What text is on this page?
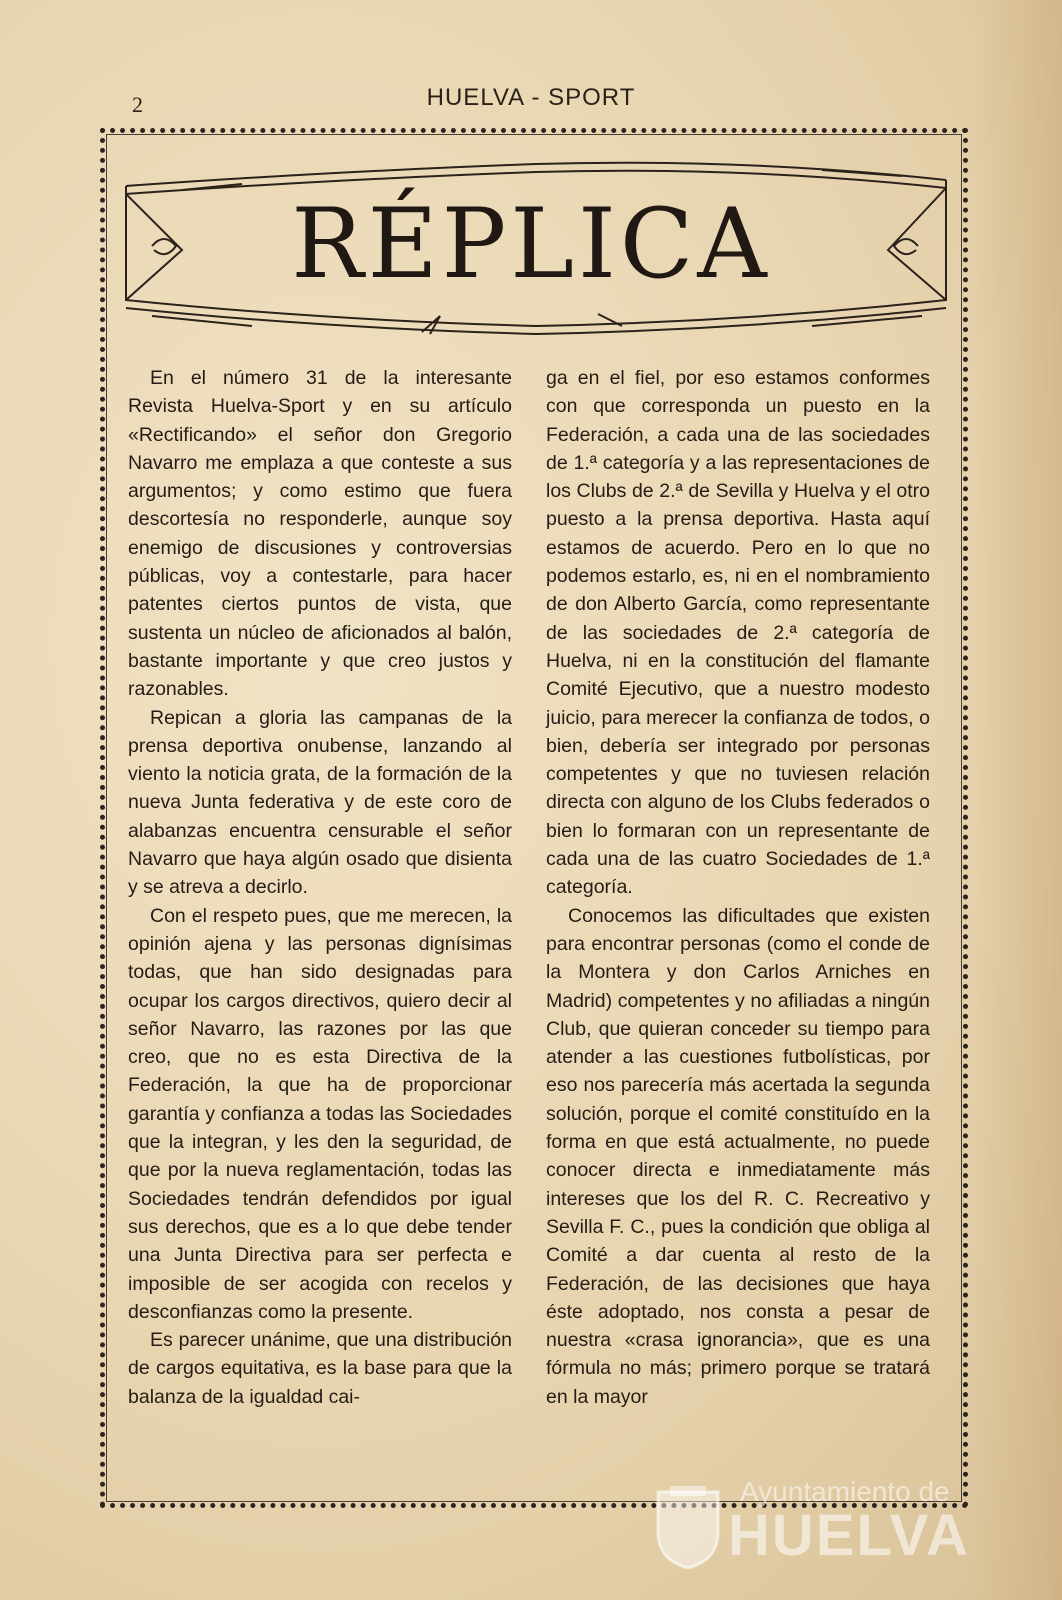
2	HUELVA - SPORT
RÉPLICA

En el número 31 de la interesante Revista Huelva-Sport y en su artículo «Rectificando» el señor don Gregorio Navarro me emplaza a que conteste a sus argumentos; y como estimo que fuera descortesía no responderle, aunque soy enemigo de discusiones y controversias públicas, voy a contestarle, para hacer patentes ciertos puntos de vista, que sustenta un núcleo de aficionados al balón, bastante importante y que creo justos y razonables.

Repican a gloria las campanas de la prensa deportiva onubense, lanzando al viento la noticia grata, de la formación de la nueva Junta federativa y de este coro de alabanzas encuentra censurable el señor Navarro que haya algún osado que disienta y se atreva a decirlo.

Con el respeto pues, que me merecen, la opinión ajena y las personas dignísimas todas, que han sido designadas para ocupar los cargos directivos, quiero decir al señor Navarro, las razones por las que creo, que no es esta Directiva de la Federación, la que ha de proporcionar garantía y confianza a todas las Sociedades que la integran, y les den la seguridad, de que por la nueva reglamentación, todas las Sociedades tendrán defendidos por igual sus derechos, que es a lo que debe tender una Junta Directiva para ser perfecta e imposible de ser acogida con recelos y desconfianzas como la presente.

Es parecer unánime, que una distribución de cargos equitativa, es la base para que la balanza de la igualdad cai-

ga en el fiel, por eso estamos conformes con que corresponda un puesto en la Federación, a cada una de las sociedades de 1.ª categoría y a las representaciones de los Clubs de 2.ª de Sevilla y Huelva y el otro puesto a la prensa deportiva. Hasta aquí estamos de acuerdo. Pero en lo que no podemos estarlo, es, ni en el nombramiento de don Alberto García, como representante de las sociedades de 2.ª categoría de Huelva, ni en la constitución del flamante Comité Ejecutivo, que a nuestro modesto juicio, para merecer la confianza de todos, o bien, debería ser integrado por personas competentes y que no tuviesen relación directa con alguno de los Clubs federados o bien lo formaran con un representante de cada una de las cuatro Sociedades de 1.ª categoría.

Conocemos las dificultades que existen para encontrar personas (como el conde de la Montera y don Carlos Arniches en Madrid) competentes y no afiliadas a ningún Club, que quieran conceder su tiempo para atender a las cuestiones futbolísticas, por eso nos parecería más acertada la segunda solución, porque el comité constituído en la forma en que está actualmente, no puede conocer directa e inmediatamente más intereses que los del R. C. Recreativo y Sevilla F. C., pues la condición que obliga al Comité a dar cuenta al resto de la Federación, de las decisiones que haya éste adoptado, nos consta a pesar de nuestra «crasa ignorancia», que es una fórmula no más; primero porque se tratará en la mayor

Ayuntamiento de
HUELVA
